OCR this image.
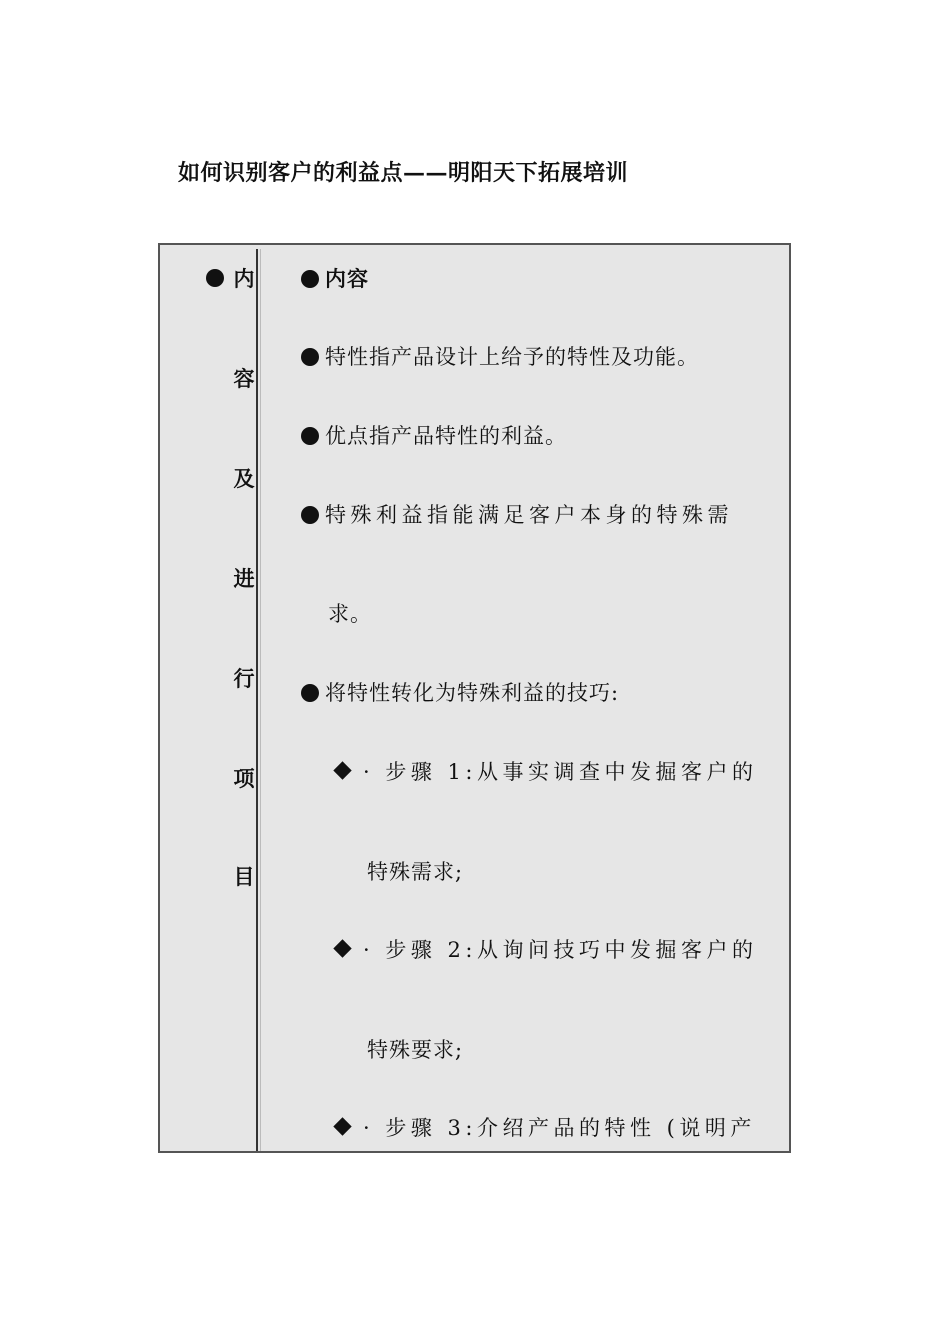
如何识别客户的利益点——明阳天下拓展培训
内
容
及
进
行
项
目
内容
特性指产品设计上给予的特性及功能。
优点指产品特性的利益。
特殊利益指能满足客户本身的特殊需
求。
将特性转化为特殊利益的技巧:
· 步骤 1:从事实调查中发掘客户的
特殊需求;
· 步骤 2:从询问技巧中发掘客户的
特殊要求;
· 步骤 3:介绍产品的特性 (说明产
